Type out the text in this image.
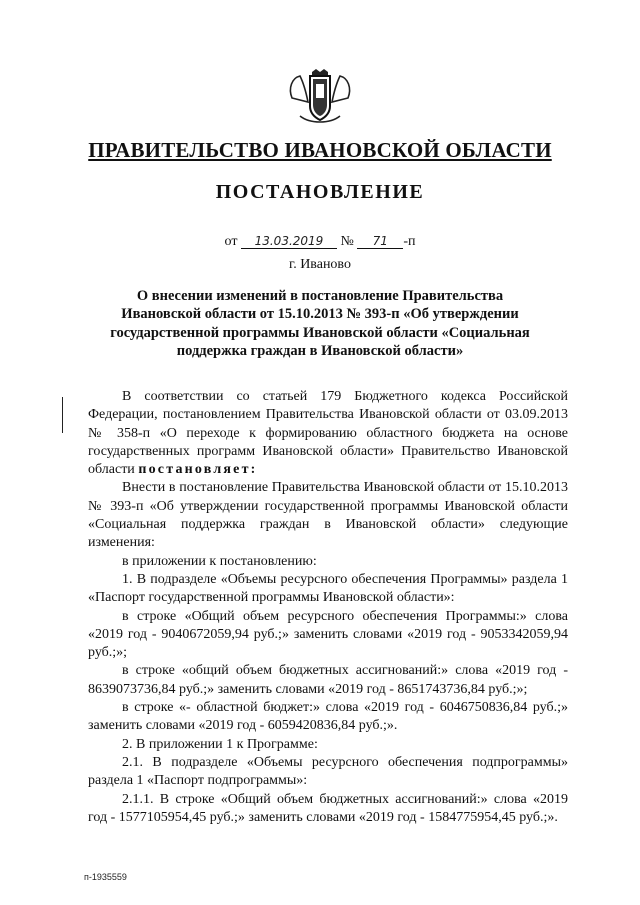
ПРАВИТЕЛЬСТВО ИВАНОВСКОЙ ОБЛАСТИ
ПОСТАНОВЛЕНИЕ
от 13.03.2019 № 71 -п
г. Иваново
О внесении изменений в постановление Правительства Ивановской области от 15.10.2013 № 393-п «Об утверждении государственной программы Ивановской области «Социальная поддержка граждан в Ивановской области»

В соответствии со статьей 179 Бюджетного кодекса Российской Федерации, постановлением Правительства Ивановской области от 03.09.2013 № 358-п «О переходе к формированию областного бюджета на основе государственных программ Ивановской области» Правительство Ивановской области постановляет:

Внести в постановление Правительства Ивановской области от 15.10.2013 № 393-п «Об утверждении государственной программы Ивановской области «Социальная поддержка граждан в Ивановской области» следующие изменения:

в приложении к постановлению:

1. В подразделе «Объемы ресурсного обеспечения Программы» раздела 1 «Паспорт государственной программы Ивановской области»:

в строке «Общий объем ресурсного обеспечения Программы:» слова «2019 год - 9040672059,94 руб.;» заменить словами «2019 год - 9053342059,94 руб.;»;

в строке «общий объем бюджетных ассигнований:» слова «2019 год - 8639073736,84 руб.;» заменить словами «2019 год - 8651743736,84 руб.;»;

в строке «- областной бюджет:» слова «2019 год - 6046750836,84 руб.;» заменить словами «2019 год - 6059420836,84 руб.;».

2. В приложении 1 к Программе:

2.1. В подразделе «Объемы ресурсного обеспечения подпрограммы» раздела 1 «Паспорт подпрограммы»:

2.1.1. В строке «Общий объем бюджетных ассигнований:» слова «2019 год - 1577105954,45 руб.;» заменить словами «2019 год - 1584775954,45 руб.;».

п-1935559
